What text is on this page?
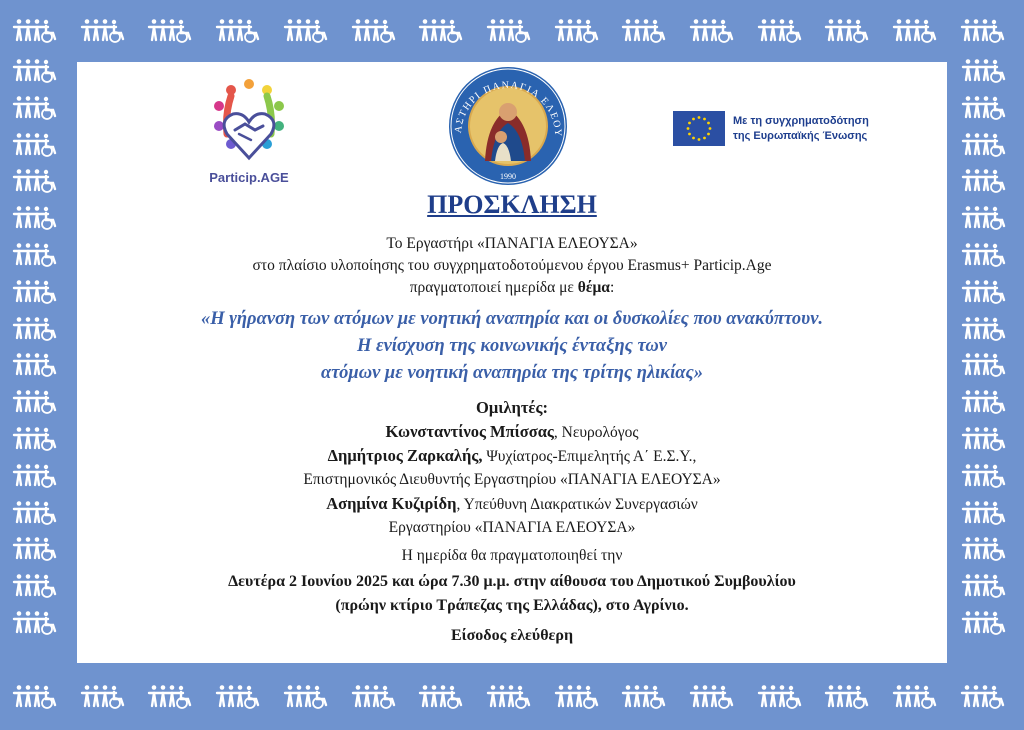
Particip.AGE	1990
ΑΣΤΗΡΙ ΠΑΝΑΓΙΑ ΕΛΕΟΥ
Με τη συγχρηματοδότηση
της Ευρωπαϊκής Ένωσης
ΠΡΟΣΚΛΗΣΗ
Το Εργαστήρι «ΠΑΝΑΓΙΑ ΕΛΕΟΥΣΑ»
στο πλαίσιο υλοποίησης του συγχρηματοδοτούμενου έργου Erasmus+ Particip.Age
πραγματοποιεί ημερίδα με θέμα:
«Η γήρανση των ατόμων με νοητική αναπηρία και οι δυσκολίες που ανακύπτουν.
Η ενίσχυση της κοινωνικής ένταξης των
ατόμων με νοητική αναπηρία της τρίτης ηλικίας»
Ομιλητές:
Κωνσταντίνος Μπίσσας, Νευρολόγος
Δημήτριος Ζαρκαλής, Ψυχίατρος-Επιμελητής Α΄ Ε.Σ.Υ.,
Επιστημονικός Διευθυντής Εργαστηρίου «ΠΑΝΑΓΙΑ ΕΛΕΟΥΣΑ»
Ασημίνα Κυζιρίδη, Υπεύθυνη Διακρατικών Συνεργασιών
Εργαστηρίου «ΠΑΝΑΓΙΑ ΕΛΕΟΥΣΑ»
Η ημερίδα θα πραγματοποιηθεί την
Δευτέρα 2 Ιουνίου 2025 και ώρα 7.30 μ.μ. στην αίθουσα του Δημοτικού Συμβουλίου
(πρώην κτίριο Τράπεζας της Ελλάδας), στο Αγρίνιο.
Είσοδος ελεύθερη
